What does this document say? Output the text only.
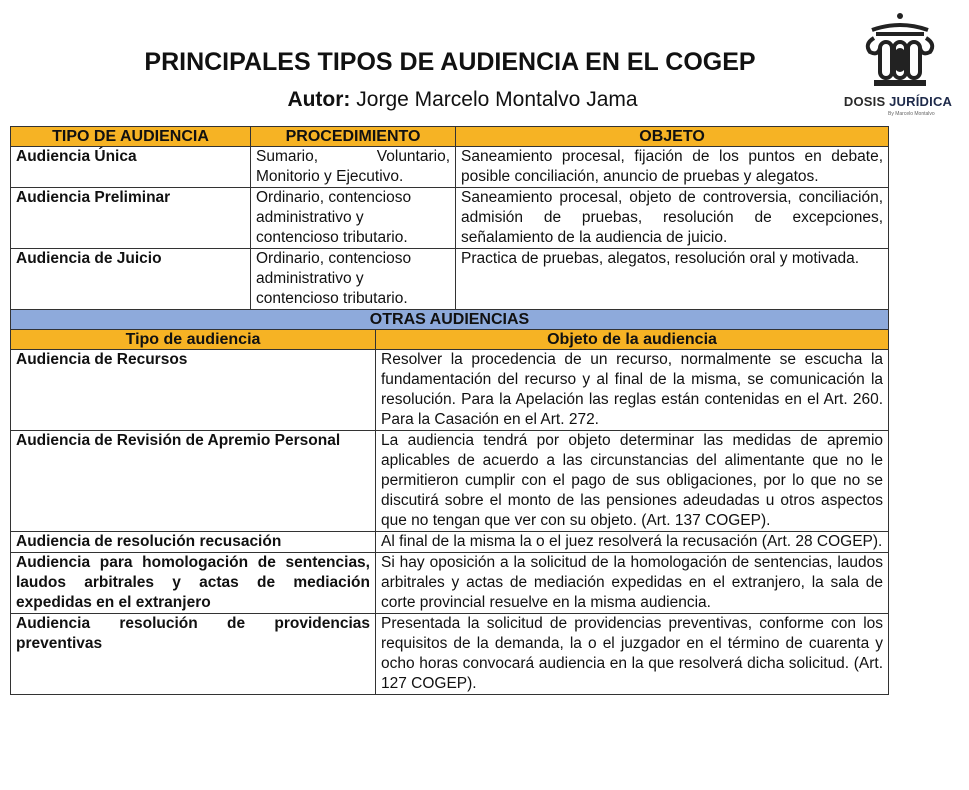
PRINCIPALES TIPOS DE AUDIENCIA EN EL COGEP
Autor: Jorge Marcelo Montalvo Jama	DOSIS JURÍDICA
By Marcelo Montalvo
TIPO DE AUDIENCIA	PROCEDIMIENTO		OBJETO
Audiencia Única	Sumario, Voluntario, Monitorio y Ejecutivo.		Saneamiento procesal, fijación de los puntos en debate, posible conciliación, anuncio de pruebas y alegatos.
Audiencia Preliminar	Ordinario, contencioso administrativo y contencioso tributario.		Saneamiento procesal, objeto de controversia, conciliación, admisión de pruebas, resolución de excepciones, señalamiento de la audiencia de juicio.
Audiencia de Juicio	Ordinario, contencioso administrativo y contencioso tributario.		Practica de pruebas, alegatos, resolución oral y motivada.
OTRAS AUDIENCIAS			
Tipo de audiencia		Objeto de la audiencia	
Audiencia de Recursos		Resolver la procedencia de un recurso, normalmente se escucha la fundamentación del recurso y al final de la misma, se comunicación la resolución. Para la Apelación las reglas están contenidas en el Art. 260. Para la Casación en el Art. 272.	
Audiencia de Revisión de Apremio Personal		La audiencia tendrá por objeto determinar las medidas de apremio aplicables de acuerdo a las circunstancias del alimentante que no le permitieron cumplir con el pago de sus obligaciones, por lo que no se discutirá sobre el monto de las pensiones adeudadas u otros aspectos que no tengan que ver con su objeto. (Art. 137 COGEP).	
Audiencia de resolución recusación		Al final de la misma la o el juez resolverá la recusación (Art. 28 COGEP).	
Audiencia para homologación de sentencias, laudos arbitrales y actas de mediación expedidas en el extranjero		Si hay oposición a la solicitud de la homologación de sentencias, laudos arbitrales y actas de mediación expedidas en el extranjero, la sala de corte provincial resuelve en la misma audiencia.	
Audiencia resolución de providencias preventivas		Presentada la solicitud de providencias preventivas, conforme con los requisitos de la demanda, la o el juzgador en el término de cuarenta y ocho horas convocará audiencia en la que resolverá dicha solicitud. (Art. 127 COGEP).	
